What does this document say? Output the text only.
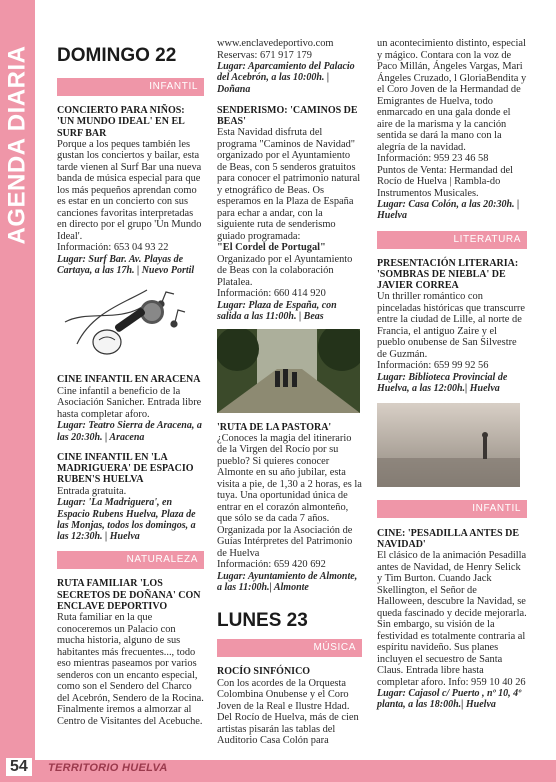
AGENDA DIARIA
54	TERRITORIO HUELVA
DOMINGO 22
INFANTIL
CONCIERTO PARA NIÑOS: 'UN MUNDO IDEAL' EN EL SURF BAR

Porque a los peques también les gustan los conciertos y bailar, esta tarde vienen al Surf Bar una nueva banda de música especial para que los más pequeños aprendan como es estar en un concierto con sus canciones favoritas interpretadas en directo por el grupo 'Un Mundo Ideal'.

Información: 653 04 93 22

Lugar: Surf Bar. Av. Playas de Cartaya, a las 17h. | Nuevo Portil

CINE INFANTIL EN ARACENA

Cine infantil a beneficio de la Asociación Sanicher. Entrada libre hasta completar aforo.

Lugar: Teatro Sierra de Aracena, a las 20:30h. | Aracena

CINE INFANTIL EN 'LA MADRIGUERA' DE ESPACIO RUBEN'S HUELVA

Entrada gratuita.

Lugar: 'La Madriguera', en Espacio Rubens Huelva, Plaza de las Monjas, todos los domingos, a las 12:30h. | Huelva

NATURALEZA
RUTA FAMILIAR 'LOS SECRETOS DE DOÑANA' CON ENCLAVE DEPORTIVO

Ruta familiar en la que conoceremos un Palacio con mucha historia, alguno de sus habitantes más frecuentes..., todo eso mientras paseamos por varios senderos con un encanto especial, como son el Sendero del Charco del Acebrón, Sendero de la Rocina. Finalmente iremos a almorzar al Centro de Visitantes del Acebuche.

www.enclavedeportivo.com

Reservas: 671 917 179

Lugar: Aparcamiento del Palacio del Acebrón, a las 10:00h. | Doñana

SENDERISMO: 'CAMINOS DE BEAS'

Esta Navidad disfruta del programa "Caminos de Navidad" organizado por el Ayuntamiento de Beas, con 5 senderos gratuitos para conocer el patrimonio natural y etnográfico de Beas. Os esperamos en la Plaza de España para echar a andar, con la siguiente ruta de senderismo guiado programada:

"El Cordel de Portugal"

Organizado por el Ayuntamiento de Beas con la colaboración Platalea.

Información: 660 414 920

Lugar: Plaza de España, con salida a las 11:00h. | Beas

'RUTA DE LA PASTORA'

¿Conoces la magia del itinerario de la Virgen del Rocío por su pueblo? Si quieres conocer Almonte en su año jubilar, esta visita a pie, de 1,30 a 2 horas, es la tuya. Una oportunidad única de entrar en el corazón almonteño, que sólo se da cada 7 años. Organizada por la Asociación de Guías Intérpretes del Patrimonio de Huelva

Información: 659 420 692

Lugar: Ayuntamiento de Almonte, a las 11:00h.| Almonte

LUNES 23
MÚSICA
ROCÍO SINFÓNICO

Con los acordes de la Orquesta Colombina Onubense y el Coro Joven de la Real e Ilustre Hdad. Del Rocío de Huelva, más de cien artistas pisarán las tablas del Auditorio Casa Colón para

un acontecimiento distinto, especial y mágico. Contara con la voz de Paco Millán, Ángeles Vargas, Mari Ángeles Cruzado, l GloriaBendita y el Coro Joven de la Hermandad de Emigrantes de Huelva, todo enmarcado en una gala donde el aire de la marisma y la canción sentida se dará la mano con la alegría de la navidad.

Información: 959 23 46 58

Puntos de Venta: Hermandad del Rocío de Huelva | Rambla-do Instrumentos Musicales.

Lugar: Casa Colón, a las 20:30h. | Huelva

LITERATURA
PRESENTACIÓN LITERARIA: 'SOMBRAS DE NIEBLA' DE JAVIER CORREA

Un thriller romántico con pinceladas históricas que transcurre entre la ciudad de Lille, al norte de Francia, el antiguo Zaire y el pueblo onubense de San Silvestre de Guzmán.

Información: 659 99 92 56

Lugar: Biblioteca Provincial de Huelva, a las 12:00h.| Huelva

INFANTIL
CINE: 'PESADILLA ANTES DE NAVIDAD'

El clásico de la animación Pesadilla antes de Navidad, de Henry Selick y Tim Burton. Cuando Jack Skellington, el Señor de Halloween, descubre la Navidad, se queda fascinado y decide mejorarla. Sin embargo, su visión de la festividad es totalmente contraria al espíritu navideño. Sus planes incluyen el secuestro de Santa Claus. Entrada libre hasta completar aforo. Info: 959 10 40 26

Lugar: Cajasol c/ Puerto , nº 10, 4º planta, a las 18:00h.| Huelva
